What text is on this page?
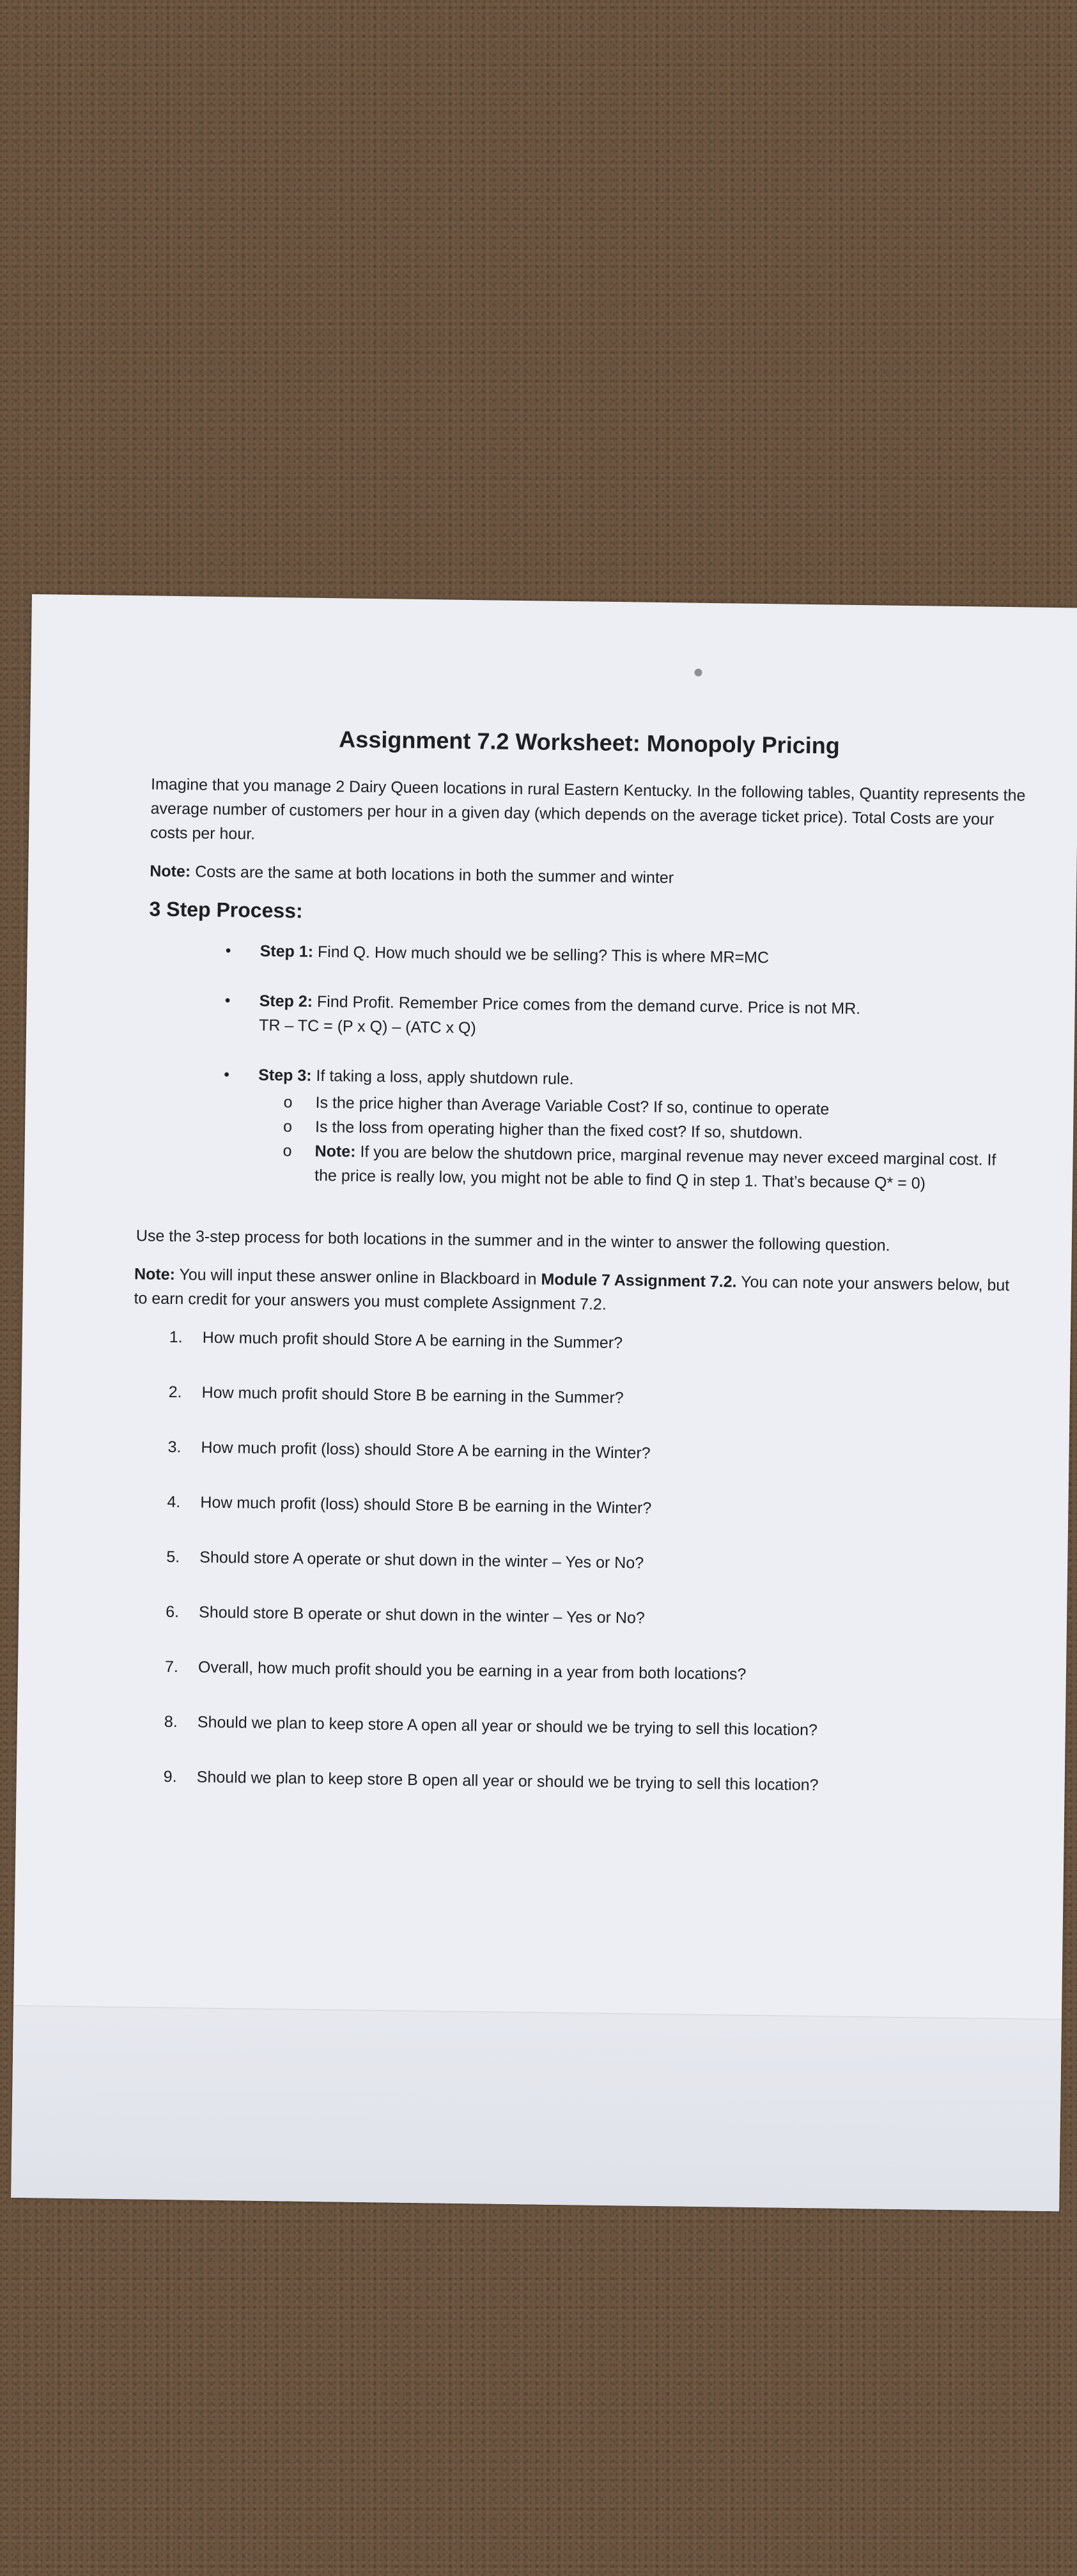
Assignment 7.2 Worksheet: Monopoly Pricing

Imagine that you manage 2 Dairy Queen locations in rural Eastern Kentucky. In the following tables, Quantity represents the average number of customers per hour in a given day (which depends on the average ticket price). Total Costs are your costs per hour.

Note: Costs are the same at both locations in both the summer and winter

3 Step Process:
• Step 1: Find Q. How much should we be selling? This is where MR=MC
• Step 2: Find Profit. Remember Price comes from the demand curve. Price is not MR.
TR – TC = (P x Q) – (ATC x Q)
• Step 3: If taking a loss, apply shutdown rule.
o Is the price higher than Average Variable Cost? If so, continue to operate
o Is the loss from operating higher than the fixed cost? If so, shutdown.
o Note: If you are below the shutdown price, marginal revenue may never exceed marginal cost. If the price is really low, you might not be able to find Q in step 1. That’s because Q* = 0)

Use the 3-step process for both locations in the summer and in the winter to answer the following question.

Note: You will input these answer online in Blackboard in Module 7 Assignment 7.2. You can note your answers below, but to earn credit for your answers you must complete Assignment 7.2.

1. How much profit should Store A be earning in the Summer?
2. How much profit should Store B be earning in the Summer?
3. How much profit (loss) should Store A be earning in the Winter?
4. How much profit (loss) should Store B be earning in the Winter?
5. Should store A operate or shut down in the winter – Yes or No?
6. Should store B operate or shut down in the winter – Yes or No?
7. Overall, how much profit should you be earning in a year from both locations?
8. Should we plan to keep store A open all year or should we be trying to sell this location?
9. Should we plan to keep store B open all year or should we be trying to sell this location?
